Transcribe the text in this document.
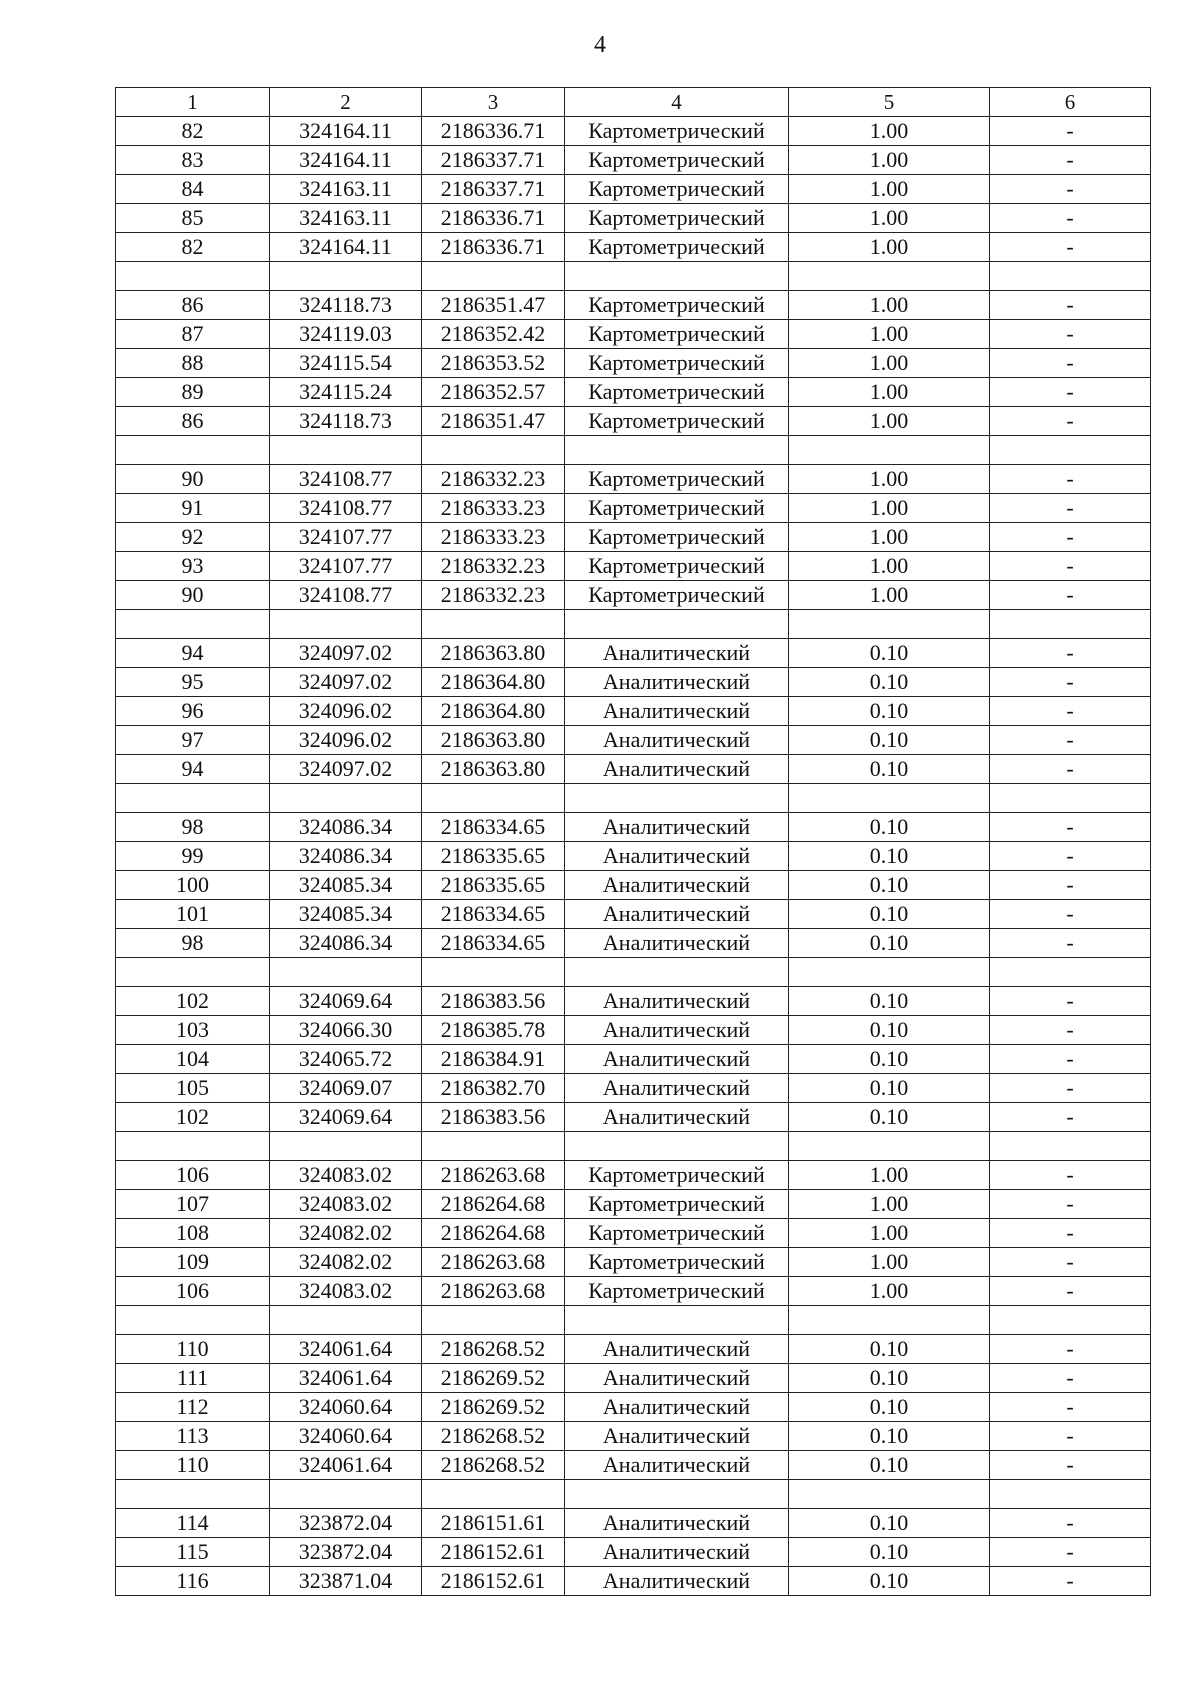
4
1	2	3	4	5	6
82	324164.11	2186336.71	Картометрический	1.00	-
83	324164.11	2186337.71	Картометрический	1.00	-
84	324163.11	2186337.71	Картометрический	1.00	-
85	324163.11	2186336.71	Картометрический	1.00	-
82	324164.11	2186336.71	Картометрический	1.00	-

86	324118.73	2186351.47	Картометрический	1.00	-
87	324119.03	2186352.42	Картометрический	1.00	-
88	324115.54	2186353.52	Картометрический	1.00	-
89	324115.24	2186352.57	Картометрический	1.00	-
86	324118.73	2186351.47	Картометрический	1.00	-

90	324108.77	2186332.23	Картометрический	1.00	-
91	324108.77	2186333.23	Картометрический	1.00	-
92	324107.77	2186333.23	Картометрический	1.00	-
93	324107.77	2186332.23	Картометрический	1.00	-
90	324108.77	2186332.23	Картометрический	1.00	-

94	324097.02	2186363.80	Аналитический	0.10	-
95	324097.02	2186364.80	Аналитический	0.10	-
96	324096.02	2186364.80	Аналитический	0.10	-
97	324096.02	2186363.80	Аналитический	0.10	-
94	324097.02	2186363.80	Аналитический	0.10	-

98	324086.34	2186334.65	Аналитический	0.10	-
99	324086.34	2186335.65	Аналитический	0.10	-
100	324085.34	2186335.65	Аналитический	0.10	-
101	324085.34	2186334.65	Аналитический	0.10	-
98	324086.34	2186334.65	Аналитический	0.10	-

102	324069.64	2186383.56	Аналитический	0.10	-
103	324066.30	2186385.78	Аналитический	0.10	-
104	324065.72	2186384.91	Аналитический	0.10	-
105	324069.07	2186382.70	Аналитический	0.10	-
102	324069.64	2186383.56	Аналитический	0.10	-

106	324083.02	2186263.68	Картометрический	1.00	-
107	324083.02	2186264.68	Картометрический	1.00	-
108	324082.02	2186264.68	Картометрический	1.00	-
109	324082.02	2186263.68	Картометрический	1.00	-
106	324083.02	2186263.68	Картометрический	1.00	-

110	324061.64	2186268.52	Аналитический	0.10	-
111	324061.64	2186269.52	Аналитический	0.10	-
112	324060.64	2186269.52	Аналитический	0.10	-
113	324060.64	2186268.52	Аналитический	0.10	-
110	324061.64	2186268.52	Аналитический	0.10	-

114	323872.04	2186151.61	Аналитический	0.10	-
115	323872.04	2186152.61	Аналитический	0.10	-
116	323871.04	2186152.61	Аналитический	0.10	-
